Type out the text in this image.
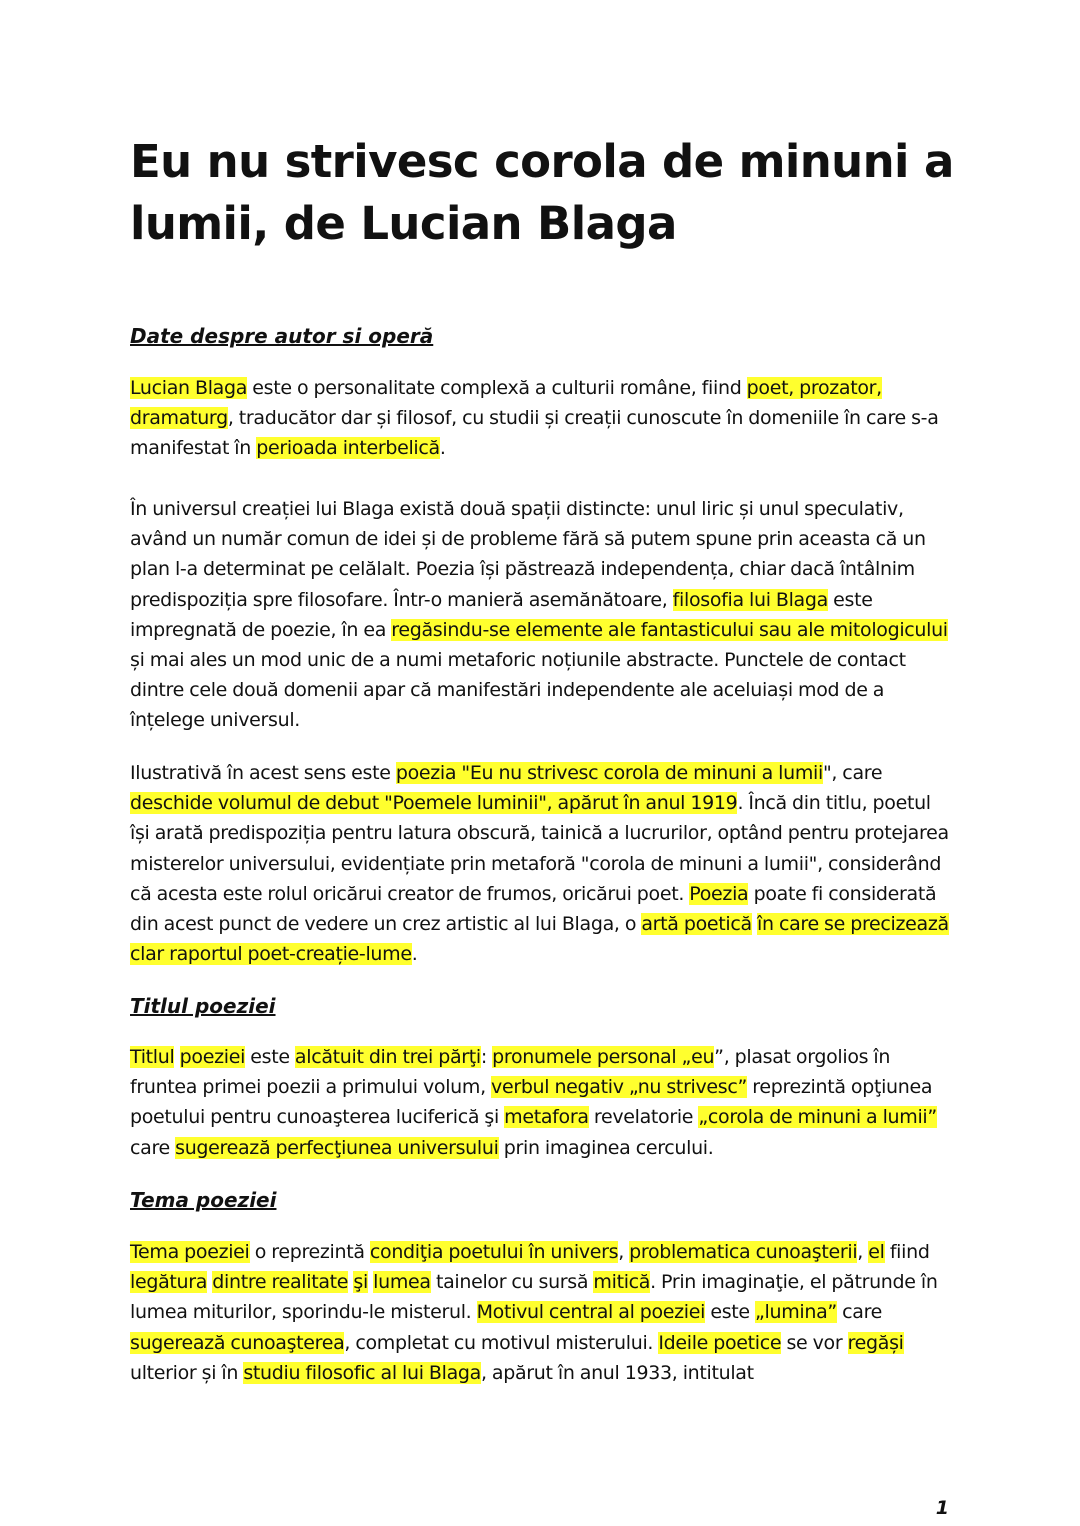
Eu nu strivesc corola de minuni a lumii, de Lucian Blaga
Date despre autor si operă

Lucian Blaga este o personalitate complexă a culturii române, fiind poet, prozator, dramaturg, traducător dar și filosof, cu studii și creații cunoscute în domeniile în care s-a manifestat în perioada interbelică.

În universul creației lui Blaga există două spații distincte: unul liric și unul speculativ, având un număr comun de idei și de probleme fără să putem spune prin aceasta că un plan l-a determinat pe celălalt. Poezia își păstrează independența, chiar dacă întâlnim predispoziția spre filosofare. Într-o manieră asemănătoare, filosofia lui Blaga este impregnată de poezie, în ea regăsindu-se elemente ale fantasticului sau ale mitologicului și mai ales un mod unic de a numi metaforic noțiunile abstracte. Punctele de contact dintre cele două domenii apar că manifestări independente ale aceluiași mod de a înțelege universul.

Ilustrativă în acest sens este poezia "Eu nu strivesc corola de minuni a lumii", care deschide volumul de debut "Poemele luminii", apărut în anul 1919. Încă din titlu, poetul își arată predispoziția pentru latura obscură, tainică a lucrurilor, optând pentru protejarea misterelor universului, evidențiate prin metaforă "corola de minuni a lumii", considerând că acesta este rolul oricărui creator de frumos, oricărui poet. Poezia poate fi considerată din acest punct de vedere un crez artistic al lui Blaga, o artă poetică în care se precizează clar raportul poet-creație-lume.

Titlul poeziei

Titlul poeziei este alcătuit din trei părţi: pronumele personal „eu”, plasat orgolios în fruntea primei poezii a primului volum, verbul negativ „nu strivesc” reprezintă opţiunea poetului pentru cunoaşterea luciferică şi metafora revelatorie „corola de minuni a lumii” care sugerează perfecţiunea universului prin imaginea cercului.

Tema poeziei

Tema poeziei o reprezintă condiţia poetului în univers, problematica cunoaşterii, el fiind legătura dintre realitate şi lumea tainelor cu sursă mitică. Prin imaginaţie, el pătrunde în lumea miturilor, sporindu-le misterul. Motivul central al poeziei este „lumina” care sugerează cunoaşterea, completat cu motivul misterului. Ideile poetice se vor regăși ulterior și în studiu filosofic al lui Blaga, apărut în anul 1933, intitulat

1
